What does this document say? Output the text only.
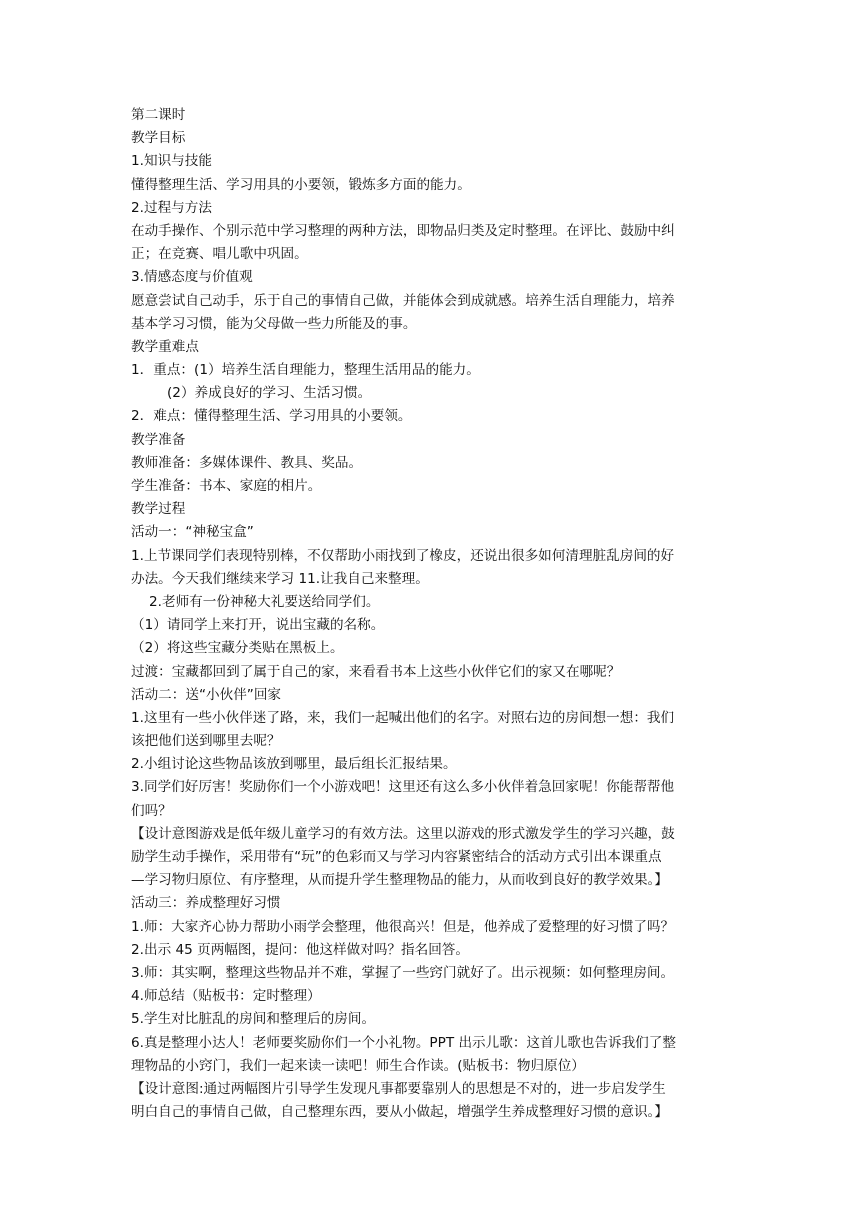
第二课时
教学目标
1.知识与技能
懂得整理生活、学习用具的小要领，锻炼多方面的能力。
2.过程与方法
在动手操作、个别示范中学习整理的两种方法，即物品归类及定时整理。在评比、鼓励中纠
正；在竞赛、唱儿歌中巩固。
3.情感态度与价值观
愿意尝试自己动手，乐于自己的事情自己做，并能体会到成就感。培养生活自理能力，培养
基本学习习惯，能为父母做一些力所能及的事。
教学重难点
1．重点：(1）培养生活自理能力，整理生活用品的能力。
(2）养成良好的学习、生活习惯。
2．难点：懂得整理生活、学习用具的小要领。
教学准备
教师准备：多媒体课件、教具、奖品。
学生准备：书本、家庭的相片。
教学过程
活动一：“神秘宝盒”
1.上节课同学们表现特别棒，不仅帮助小雨找到了橡皮，还说出很多如何清理脏乱房间的好
办法。今天我们继续来学习 11.让我自己来整理。
2.老师有一份神秘大礼要送给同学们。
（1）请同学上来打开，说出宝藏的名称。
（2）将这些宝藏分类贴在黑板上。
过渡：宝藏都回到了属于自己的家，来看看书本上这些小伙伴它们的家又在哪呢？
活动二：送“小伙伴”回家
1.这里有一些小伙伴迷了路，来，我们一起喊出他们的名字。对照右边的房间想一想：我们
该把他们送到哪里去呢？
2.小组讨论这些物品该放到哪里，最后组长汇报结果。
3.同学们好厉害！奖励你们一个小游戏吧！这里还有这么多小伙伴着急回家呢！你能帮帮他
们吗？
【设计意图游戏是低年级儿童学习的有效方法。这里以游戏的形式激发学生的学习兴趣，鼓
励学生动手操作，采用带有“玩”的色彩而又与学习内容紧密结合的活动方式引出本课重点
—学习物归原位、有序整理，从而提升学生整理物品的能力，从而收到良好的教学效果。】
活动三：养成整理好习惯
1.师：大家齐心协力帮助小雨学会整理，他很高兴！但是，他养成了爱整理的好习惯了吗？
2.出示 45 页两幅图，提问：他这样做对吗？指名回答。
3.师：其实啊，整理这些物品并不难，掌握了一些窍门就好了。出示视频：如何整理房间。
4.师总结（贴板书：定时整理）
5.学生对比脏乱的房间和整理后的房间。
6.真是整理小达人！老师要奖励你们一个小礼物。PPT 出示儿歌：这首儿歌也告诉我们了整
理物品的小窍门，我们一起来读一读吧！师生合作读。(贴板书：物归原位）
【设计意图:通过两幅图片引导学生发现凡事都要靠别人的思想是不对的，进一步启发学生
明白自己的事情自己做，自己整理东西，要从小做起，增强学生养成整理好习惯的意识。】
